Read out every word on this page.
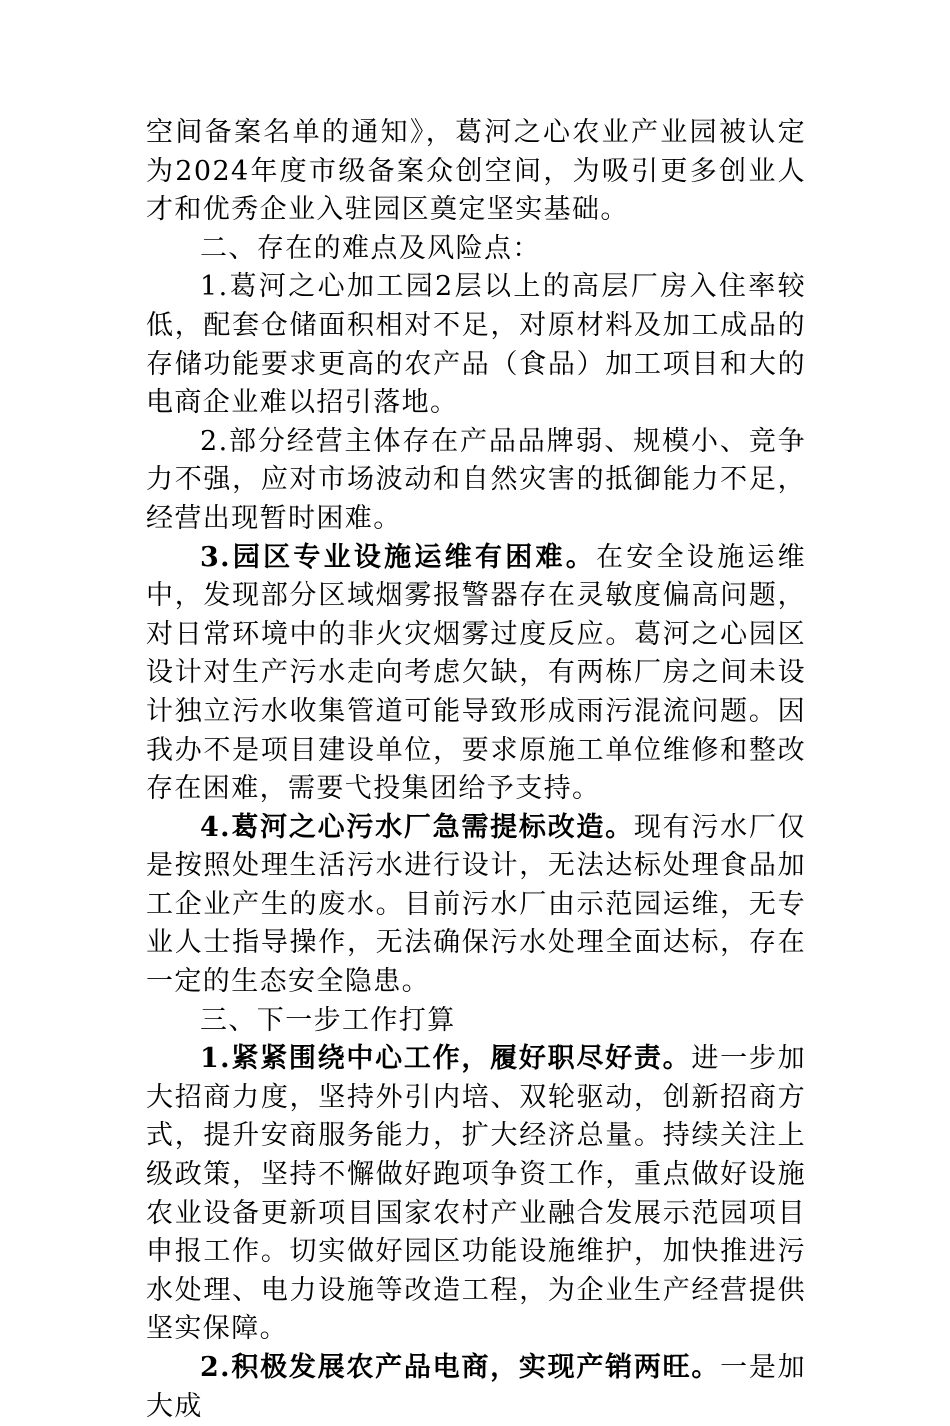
空间备案名单的通知》，葛河之心农业产业园被认定为2024年度市级备案众创空间，为吸引更多创业人才和优秀企业入驻园区奠定坚实基础。

二、存在的难点及风险点：

1.葛河之心加工园2层以上的高层厂房入住率较低，配套仓储面积相对不足，对原材料及加工成品的存储功能要求更高的农产品（食品）加工项目和大的电商企业难以招引落地。

2.部分经营主体存在产品品牌弱、规模小、竞争力不强，应对市场波动和自然灾害的抵御能力不足，经营出现暂时困难。

3.园区专业设施运维有困难。在安全设施运维中，发现部分区域烟雾报警器存在灵敏度偏高问题，对日常环境中的非火灾烟雾过度反应。葛河之心园区设计对生产污水走向考虑欠缺，有两栋厂房之间未设计独立污水收集管道可能导致形成雨污混流问题。因我办不是项目建设单位，要求原施工单位维修和整改存在困难，需要弋投集团给予支持。

4.葛河之心污水厂急需提标改造。现有污水厂仅是按照处理生活污水进行设计，无法达标处理食品加工企业产生的废水。目前污水厂由示范园运维，无专业人士指导操作，无法确保污水处理全面达标，存在一定的生态安全隐患。

三、下一步工作打算

1.紧紧围绕中心工作，履好职尽好责。进一步加大招商力度，坚持外引内培、双轮驱动，创新招商方式，提升安商服务能力，扩大经济总量。持续关注上级政策，坚持不懈做好跑项争资工作，重点做好设施农业设备更新项目国家农村产业融合发展示范园项目申报工作。切实做好园区功能设施维护，加快推进污水处理、电力设施等改造工程，为企业生产经营提供坚实保障。

2.积极发展农产品电商，实现产销两旺。一是加大成
